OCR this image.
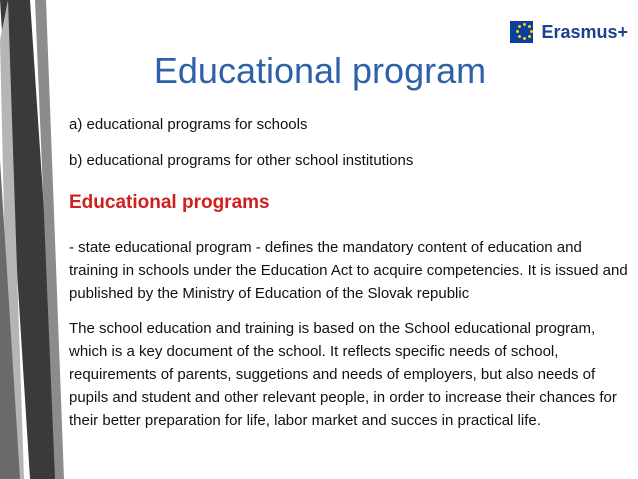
Erasmus+
Educational program
a) educational programs for schools
b) educational programs for other school institutions
Educational programs
- state educational program - defines the mandatory content of education and training in schools under the Education Act to acquire competencies. It is issued and published by the Ministry of Education of the Slovak republic
The school education and training is based on the School educational program, which is a key document of the school. It reflects specific needs of school, requirements of parents, suggetions and needs of employers, but also needs of pupils and student and other relevant people, in order to increase their chances for their better preparation for life, labor market and succes in practical life.
